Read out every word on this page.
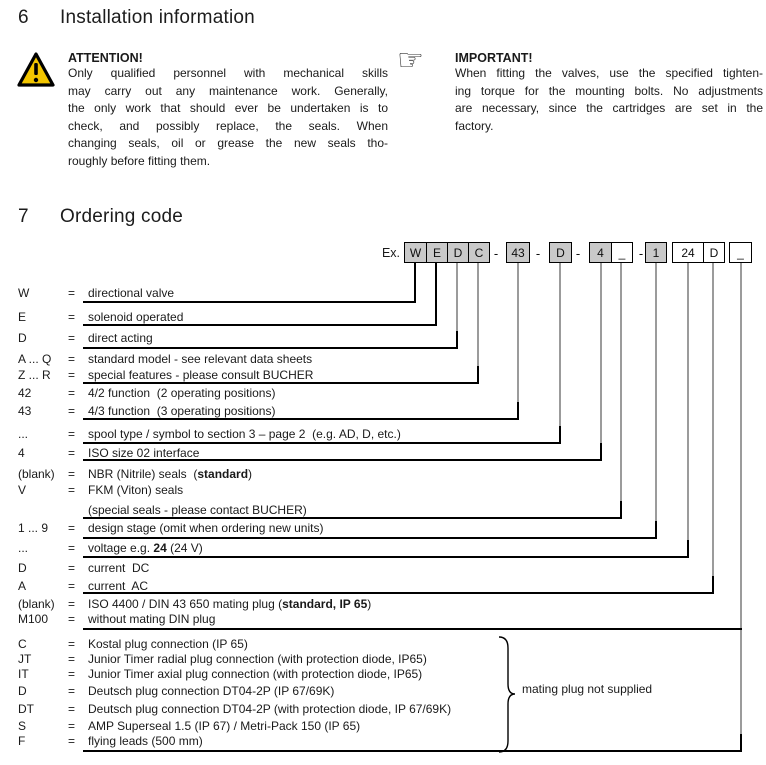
6 Installation information
ATTENTION!
Only qualified personnel with mechanical skills
may carry out any maintenance work. Generally,
the only work that should ever be undertaken is to
check, and possibly replace, the seals. When
changing seals, oil or grease the new seals tho-
roughly before fitting them.
☞ IMPORTANT!
When fitting the valves, use the specified tighten-
ing torque for the mounting bolts. No adjustments
are necessary, since the cartridges are set in the
factory.
7 Ordering code
Ex. W E	D	C -	43 -	D -	4	_	- 1	24	D	_
W	= directional valve
E	= solenoid operated
D	= direct acting
A ... Q = standard model - see relevant data sheets
Z ... R = special features - please consult BUCHER
42	= 4/2 function  (2 operating positions)
43	= 4/3 function  (3 operating positions)
...	= spool type / symbol to section 3 – page 2  (e.g. AD, D, etc.)
4	= ISO size 02 interface
(blank) = NBR (Nitrile) seals  (standard)
V	= FKM (Viton) seals
(special seals - please contact BUCHER)
1 ... 9 = design stage (omit when ordering new units)
...	= voltage e.g. 24 (24 V)
D	= current  DC
A	= current  AC
(blank) = ISO 4400 / DIN 43 650 mating plug (standard, IP 65)
M100 = without mating DIN plug
C	= Kostal plug connection (IP 65)
JT	= Junior Timer radial plug connection (with protection diode, IP65)
IT	= Junior Timer axial plug connection (with protection diode, IP65)
D	= Deutsch plug connection DT04-2P (IP 67/69K)
DT	= Deutsch plug connection DT04-2P (with protection diode, IP 67/69K)
S	= AMP Superseal 1.5 (IP 67) / Metri-Pack 150 (IP 65)
F	= flying leads (500 mm)
mating plug not supplied
